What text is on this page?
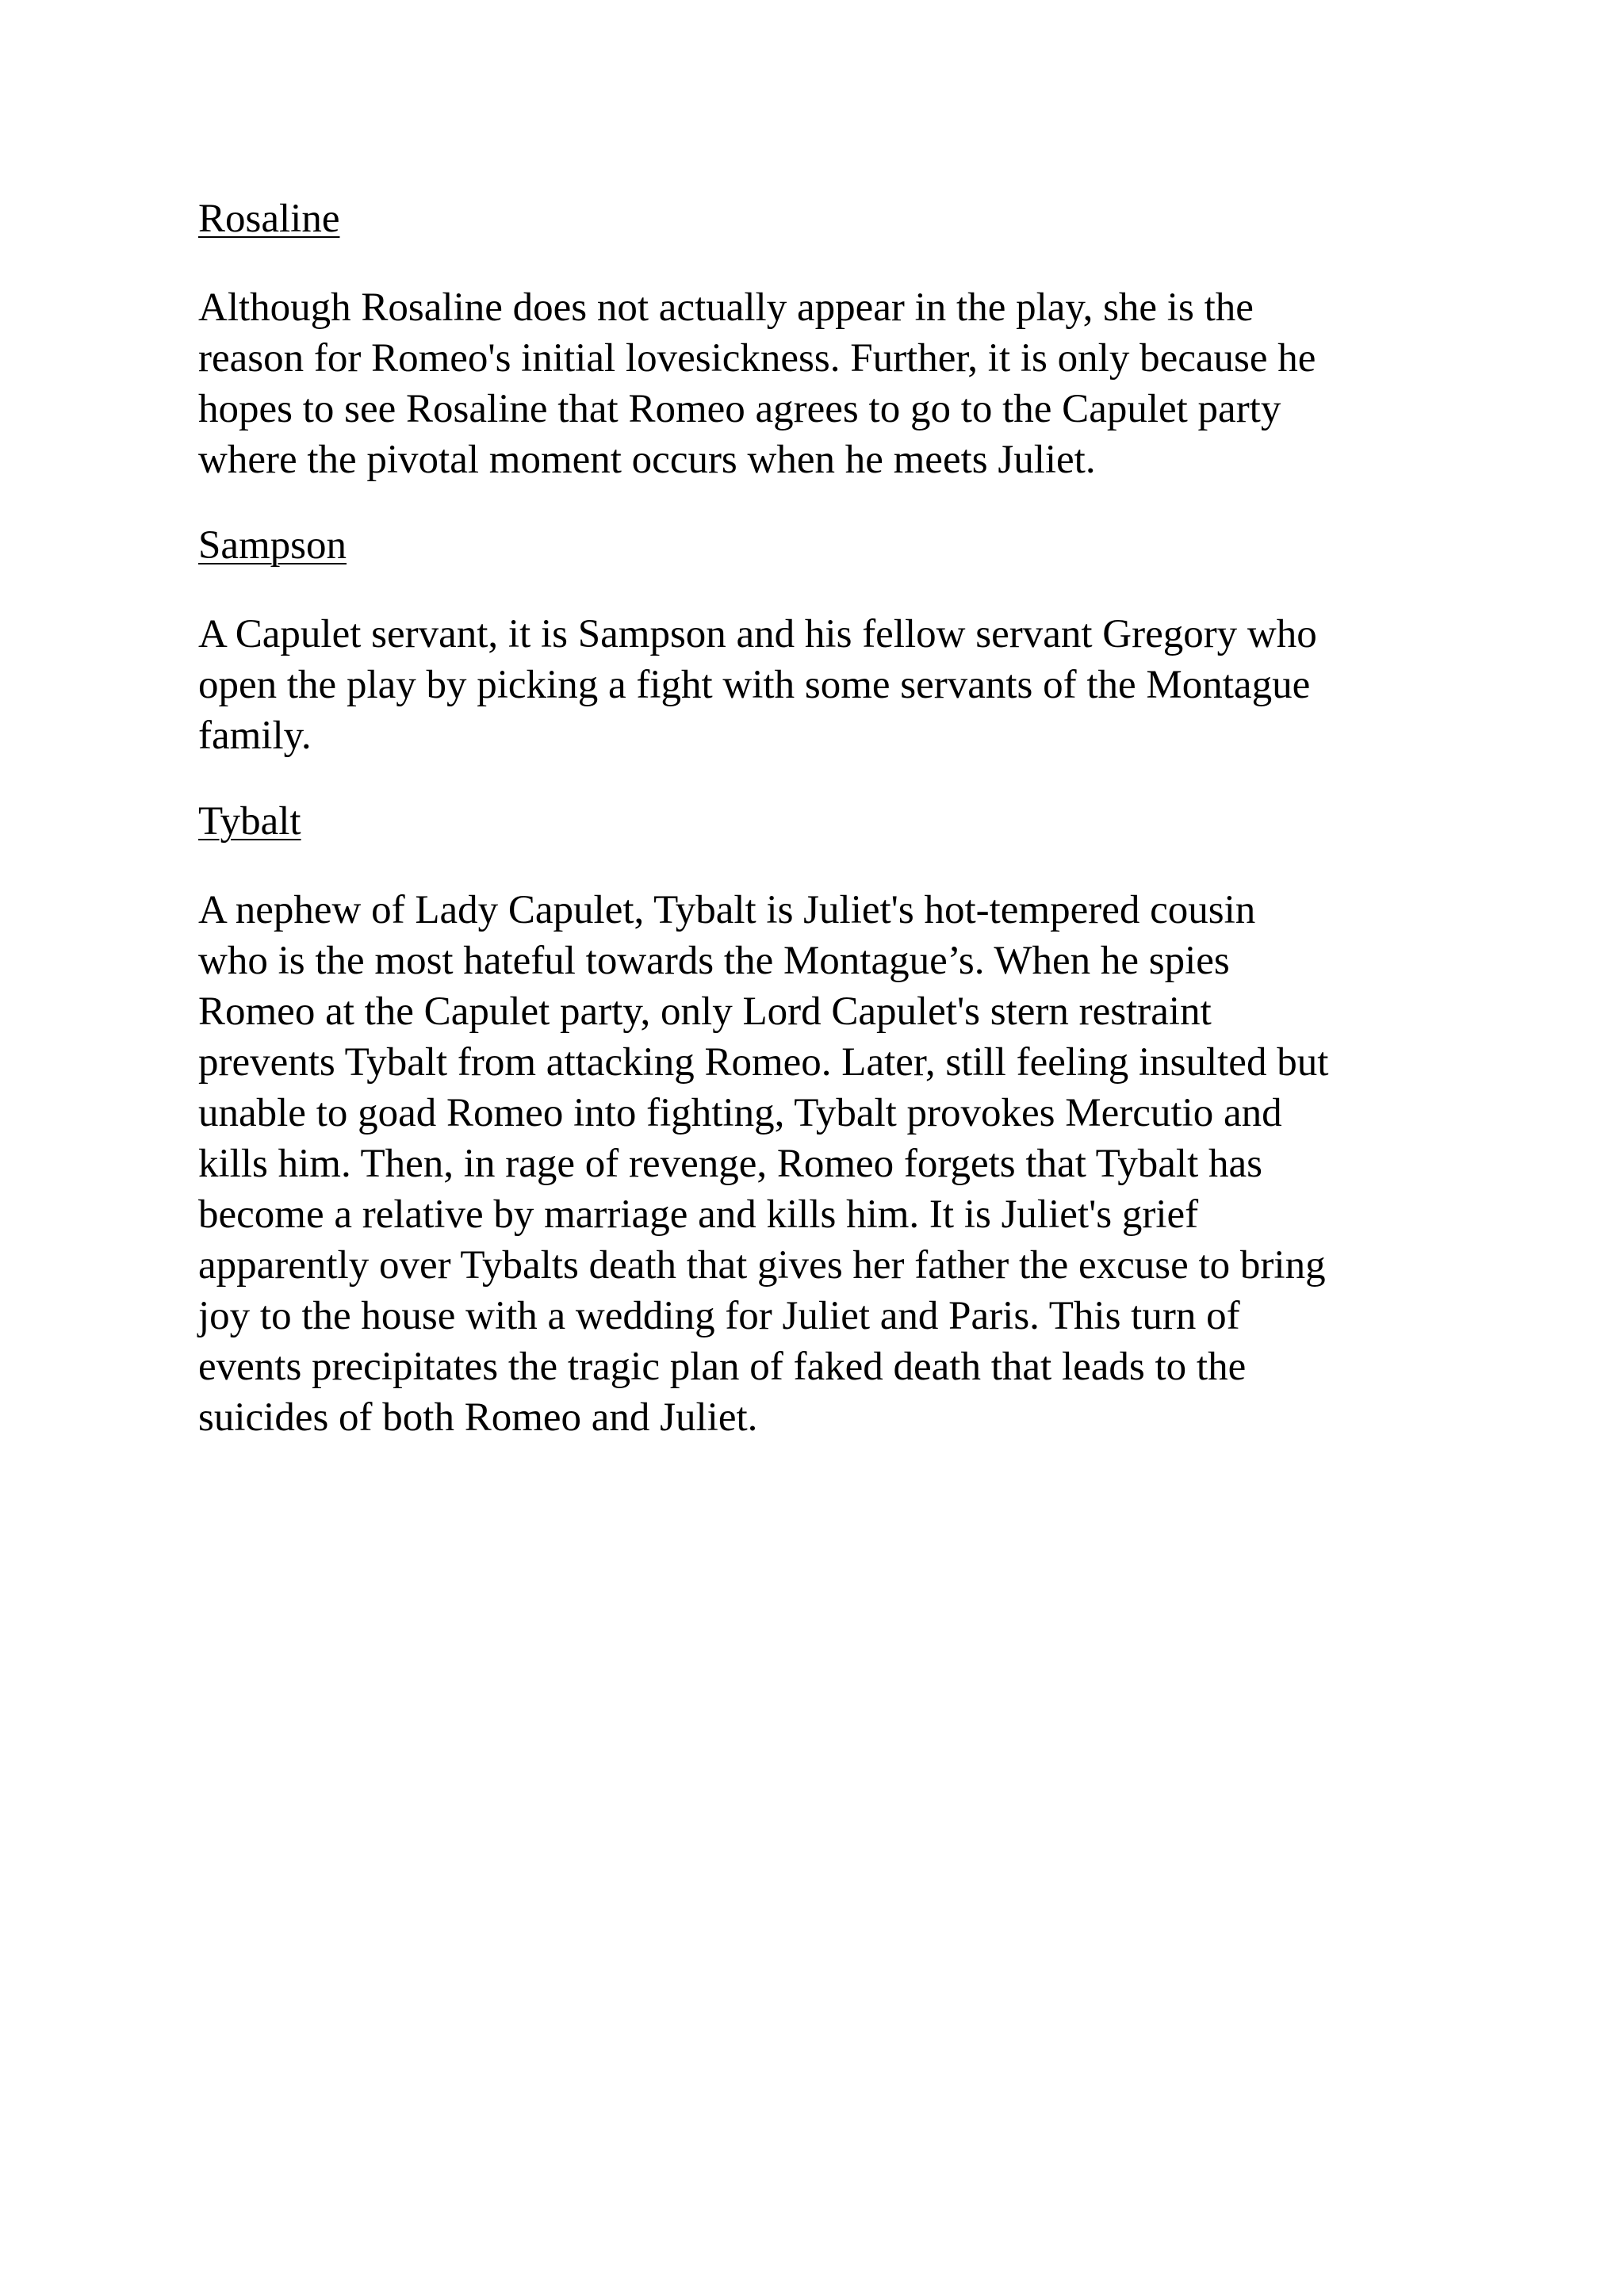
Rosaline

Although Rosaline does not actually appear in the play, she is the
reason for Romeo's initial lovesickness. Further, it is only because he
hopes to see Rosaline that Romeo agrees to go to the Capulet party
where the pivotal moment occurs when he meets Juliet.

Sampson

A Capulet servant, it is Sampson and his fellow servant Gregory who
open the play by picking a fight with some servants of the Montague
family.

Tybalt

A nephew of Lady Capulet, Tybalt is Juliet's hot-tempered cousin
who is the most hateful towards the Montague’s. When he spies
Romeo at the Capulet party, only Lord Capulet's stern restraint
prevents Tybalt from attacking Romeo. Later, still feeling insulted but
unable to goad Romeo into fighting, Tybalt provokes Mercutio and
kills him. Then, in rage of revenge, Romeo forgets that Tybalt has
become a relative by marriage and kills him. It is Juliet's grief
apparently over Tybalts death that gives her father the excuse to bring
joy to the house with a wedding for Juliet and Paris. This turn of
events precipitates the tragic plan of faked death that leads to the
suicides of both Romeo and Juliet.
